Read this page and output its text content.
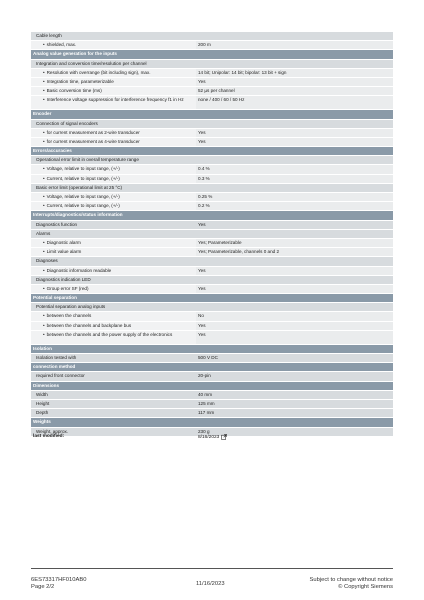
Cable length
• shielded, max.	200 m
Analog value generation for the inputs
Integration and conversion time/resolution per channel
• Resolution with overrange (bit including sign), max.	14 bit; Unipolar: 14 bit; bipolar: 13 bit + sign
• Integration time, parameterizable	Yes
• Basic conversion time (ms)	52 µs per channel
• Interference voltage suppression for interference frequency f1 in Hz	none / 400 / 60 / 50 Hz
Encoder
Connection of signal encoders
• for current measurement as 2-wire transducer	Yes
• for current measurement as 4-wire transducer	Yes
Errors/accuracies
Operational error limit in overall temperature range
• Voltage, relative to input range, (+/-)	0.4 %
• Current, relative to input range, (+/-)	0.3 %
Basic error limit (operational limit at 25 °C)
• Voltage, relative to input range, (+/-)	0.25 %
• Current, relative to input range, (+/-)	0.2 %
Interrupts/diagnostics/status information
Diagnostics function	Yes
Alarms
• Diagnostic alarm	Yes; Parameterizable
• Limit value alarm	Yes; Parameterizable, channels 0 and 2
Diagnoses
• Diagnostic information readable	Yes
Diagnostics indication LED
• Group error SF (red)	Yes
Potential separation
Potential separation analog inputs
• between the channels	No
• between the channels and backplane bus	Yes
• between the channels and the power supply of the electronics	Yes
Isolation
Isolation tested with	500 V DC
connection method
required front connector	20-pin
Dimensions
Width	40 mm
Height	125 mm
Depth	117 mm
Weights
Weight, approx.	230 g
last modified:	8/16/2023
6ES73317HF010AB0
Page 2/2	11/16/2023
Subject to change without notice
© Copyright Siemens
